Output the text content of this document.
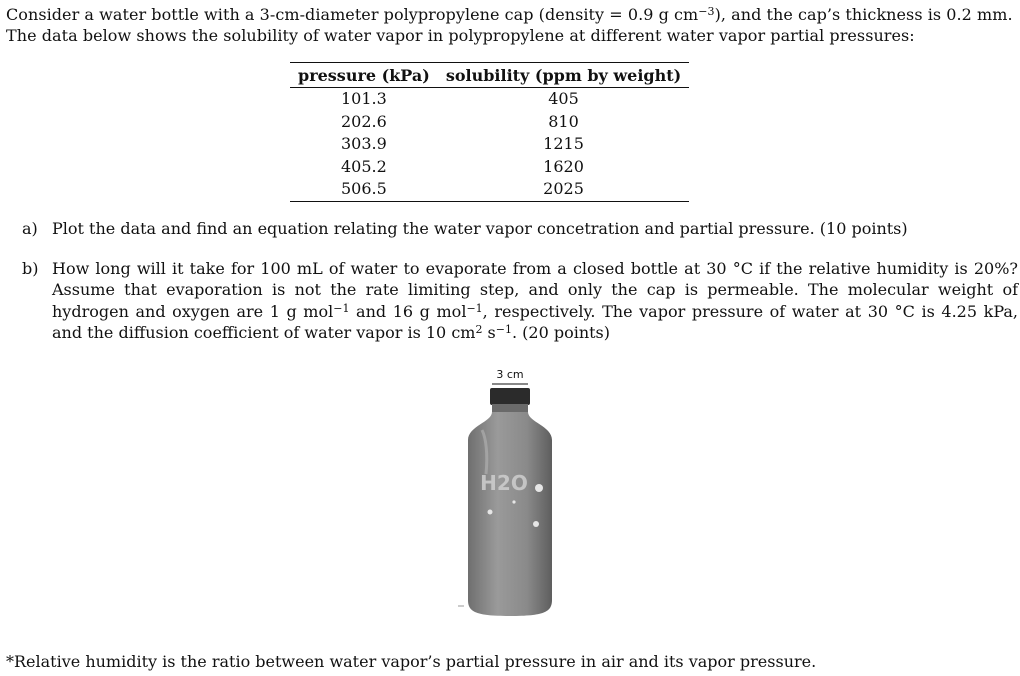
Consider a water bottle with a 3-cm-diameter polypropylene cap (density = 0.9 g $cm^{-3}$), and the cap’s thickness is 0.2 mm.
The data below shows the solubility of water vapor in polypropylene at different water vapor partial pressures:
pressure (kPa)	solubility (ppm by weight)
101.3	405
202.6	810
303.9	1215
405.2	1620
506.5	2025
a) Plot the data and find an equation relating the water vapor concetration and partial pressure. (10 points)
b) How long will it take for 100 mL of water to evaporate from a closed bottle at 30 °C if the relative humidity is 20%? Assume that evaporation is not the rate limiting step, and only the cap is permeable. The molecular weight of hydrogen and oxygen are 1 g mol$^{-1}$ and 16 g mol$^{-1}$, respectively. The vapor pressure of water at 30 °C is 4.25 kPa, and the diffusion coefficient of water vapor is 10 $cm^2$ $s^{-1}$. (20 points)
3 cm
H2O
*Relative humidity is the ratio between water vapor’s partial pressure in air and its vapor pressure.
